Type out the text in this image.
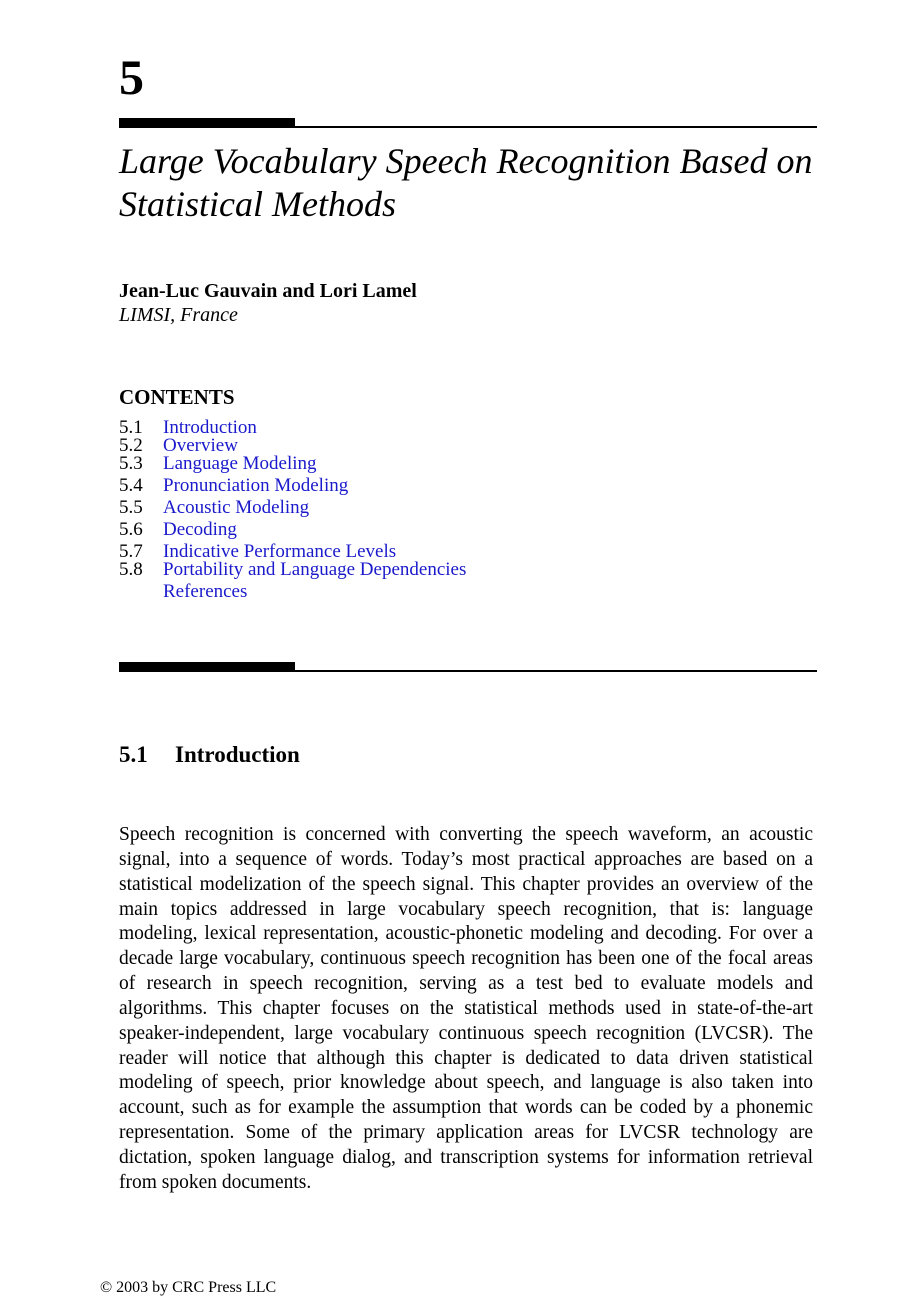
5
Large Vocabulary Speech Recognition Based on Statistical Methods
Jean-Luc Gauvain and Lori Lamel
LIMSI, France
CONTENTS
5.1	Introduction
5.2	Overview
5.3	Language Modeling
5.4	Pronunciation Modeling
5.5	Acoustic Modeling
5.6	Decoding
5.7	Indicative Performance Levels
5.8	Portability and Language Dependencies
References
5.1 Introduction

Speech recognition is concerned with converting the speech waveform, an acoustic signal, into a sequence of words. Today’s most practical approaches are based on a statistical modelization of the speech signal. This chapter provides an overview of the main topics addressed in large vocabulary speech recognition, that is: language modeling, lexical representation, acoustic-phonetic modeling and decoding. For over a decade large vocabulary, continuous speech recognition has been one of the focal areas of research in speech recognition, serving as a test bed to evaluate models and algorithms. This chapter focuses on the statistical methods used in state-of-the-art speaker-independent, large vocabulary continuous speech recognition (LVCSR). The reader will notice that although this chapter is dedicated to data driven statistical modeling of speech, prior knowledge about speech, and language is also taken into account, such as for example the assumption that words can be coded by a phonemic representation. Some of the primary application areas for LVCSR technology are dictation, spoken language dialog, and transcription systems for information retrieval from spoken documents.

© 2003 by CRC Press LLC
